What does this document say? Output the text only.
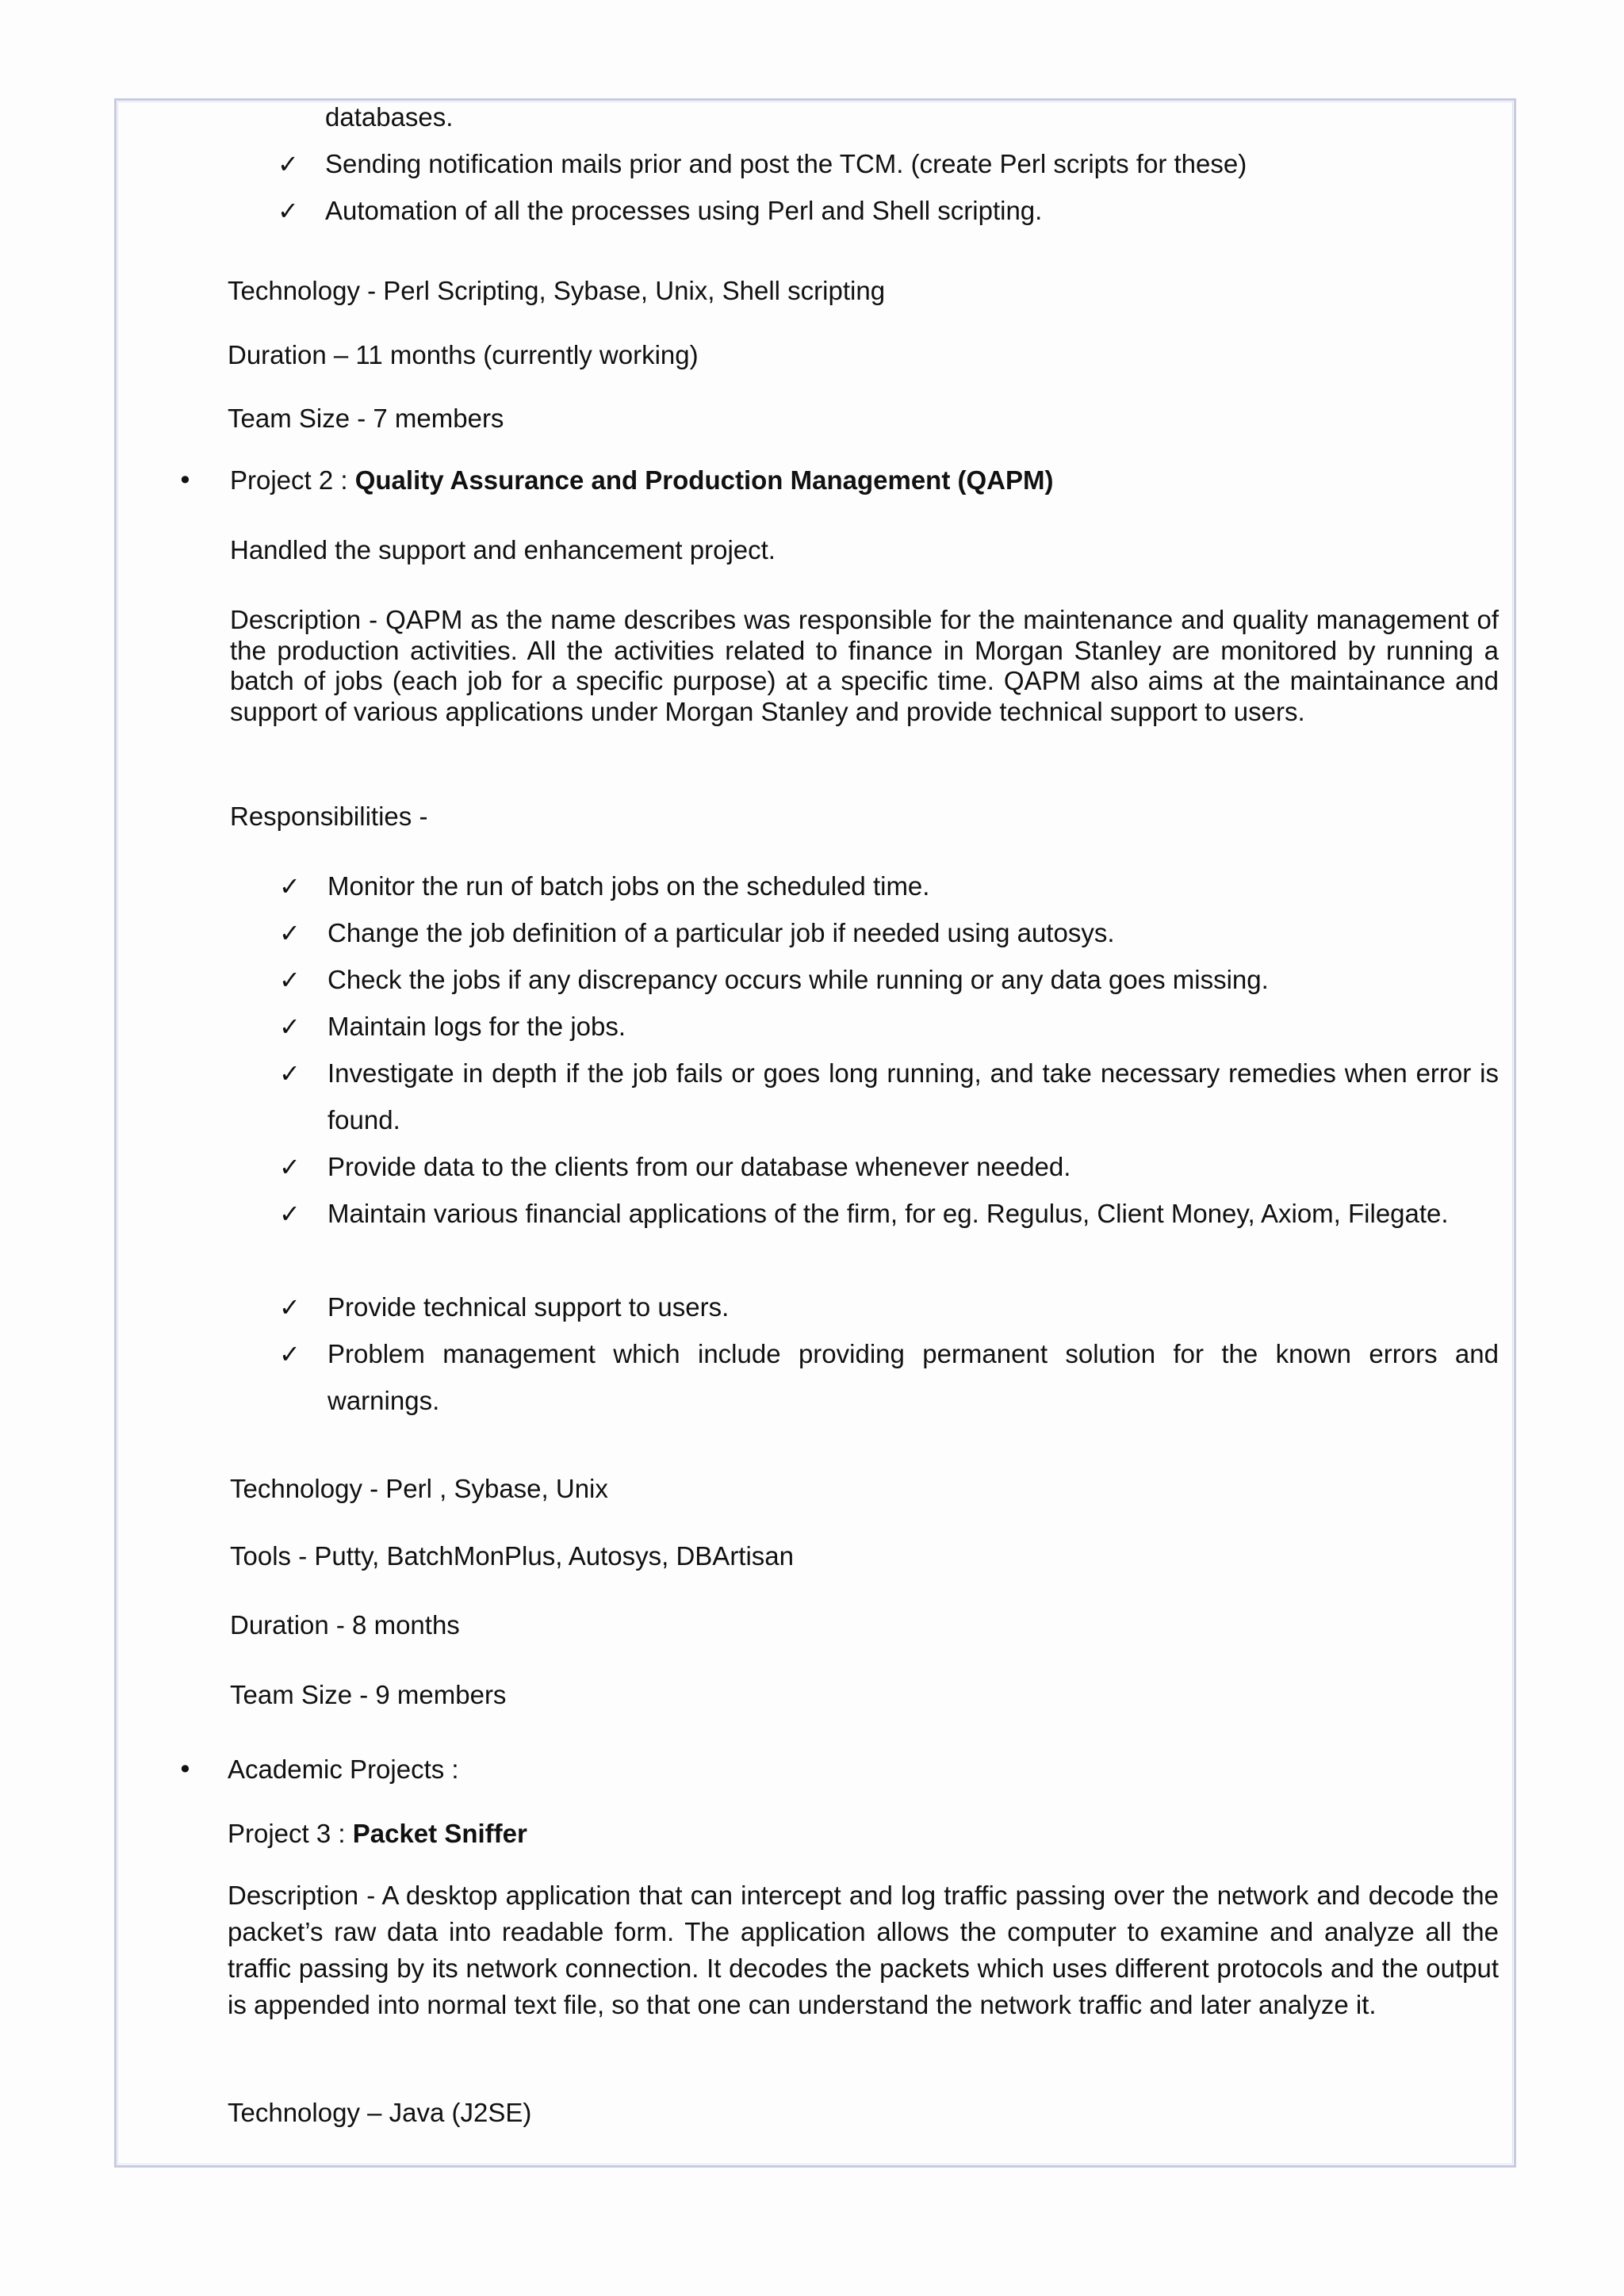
databases.
✓ Sending notification mails prior and post the TCM. (create Perl scripts for these)
✓ Automation of all the processes using Perl and Shell scripting.
Technology - Perl Scripting, Sybase, Unix, Shell scripting
Duration – 11 months (currently working)
Team Size - 7 members
• Project 2 : Quality Assurance and Production Management (QAPM)
Handled the support and enhancement project.
Description - QAPM as the name describes was responsible for the maintenance and quality management of the production activities. All the activities related to finance in Morgan Stanley are monitored by running a batch of jobs (each job for a specific purpose) at a specific time. QAPM also aims at the maintainance and support of various applications under Morgan Stanley and provide technical support to users.
Responsibilities -
✓ Monitor the run of batch jobs on the scheduled time.
✓ Change the job definition of a particular job if needed using autosys.
✓ Check the jobs if any discrepancy occurs while running or any data goes missing.
✓ Maintain logs for the jobs.
✓ Investigate in depth if the job fails or goes long running, and take necessary remedies when error is found.
✓ Provide data to the clients from our database whenever needed.
✓ Maintain various financial applications of the firm, for eg. Regulus, Client Money, Axiom, Filegate.
✓ Provide technical support to users.
✓ Problem management which include providing permanent solution for the known errors and warnings.
Technology - Perl , Sybase, Unix
Tools - Putty, BatchMonPlus, Autosys, DBArtisan
Duration - 8 months
Team Size - 9 members
• Academic Projects :
Project 3 : Packet Sniffer
Description - A desktop application that can intercept and log traffic passing over the network and decode the packet’s raw data into readable form. The application allows the computer to examine and analyze all the traffic passing by its network connection. It decodes the packets which uses different protocols and the output is appended into normal text file, so that one can understand the network traffic and later analyze it.
Technology – Java (J2SE)
